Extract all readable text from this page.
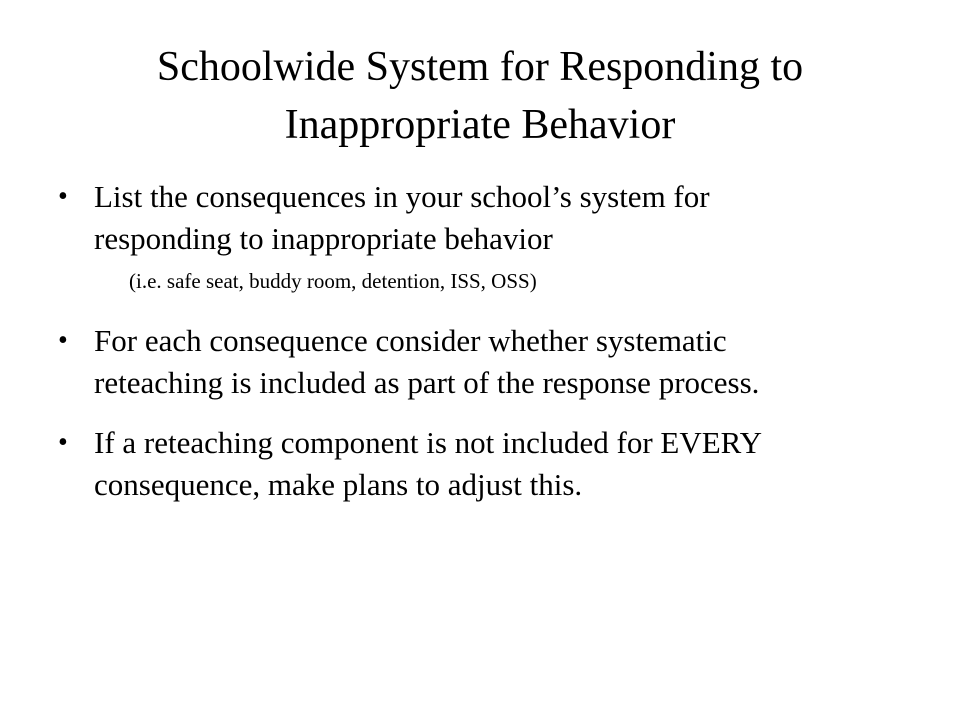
Schoolwide System for Responding to
Inappropriate Behavior
• List the consequences in your school’s system for
responding to inappropriate behavior
(i.e. safe seat, buddy room, detention, ISS, OSS)
• For each consequence consider whether systematic
reteaching is included as part of the response process.
• If a reteaching component is not included for EVERY
consequence, make plans to adjust this.
